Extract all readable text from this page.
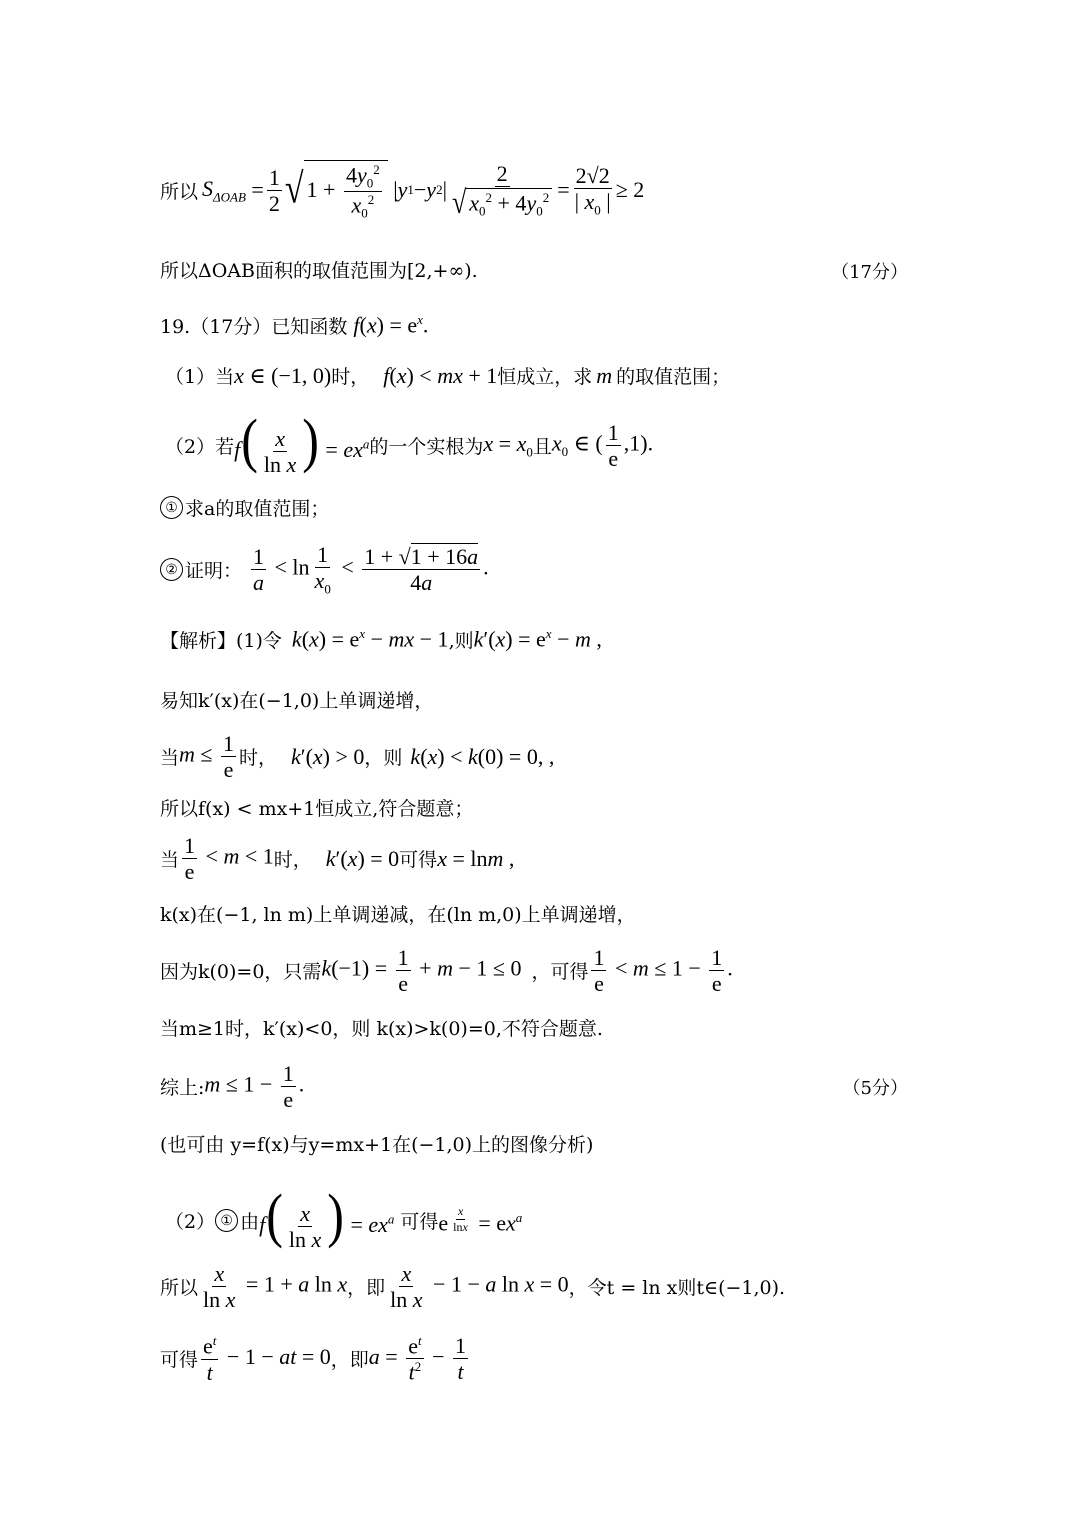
所以 $S_{\Delta OAB} = \frac{1}{2}$ √ $1 + \frac{4y_0^2}{x_0^2}$ | y 1 − y 2 | $\frac{2}{√ x_0^2 + 4y_0^2} = \frac{2√2}{| x_0 |} \ge 2$
所以ΔOAB面积的取值范围为[2,+∞).	（17分）
19.（17分）已知函数 $f(x) = e^x$.
（1）当 x ∈ (−1, 0) 时， f(x) < mx + 1 恒成立，求 m 的取值范围；
（2）若 $f( \frac{x}{\text{ln x}}$ ) = $ex^a$ 的一个实根为 $x = x_0$ 且 $x_0$ ∈ ( $\frac{1}{e} ,1$).
① 求a的取值范围；
② 证明： $\frac{1}{a} < \ln \frac{1}{x_0} < \frac{1 + √1 + 16a}{4a}$ .
【解析】(1)令 $k(x) = e^x$ − mx − 1 ,则 $k'(x) = e^x - m$ ,
易知k′(x)在(−1,0)上单调递增，
当 $m \le \frac{1}{e}$ 时， k′(x) > 0 ，则 k(x) < k(0) = 0, ,
所以f(x) < mx+1恒成立,符合题意；
当 $\frac{1}{e} < m < 1$ 时， k′(x) = 0 可得 x = lnm ,
k(x)在(−1, ln m)上单调递减，在(ln m,0)上单调递增，
因为k(0)=0，只需 $k(-1) = \frac{1}{e} + m - 1 \le 0$ ，可得 $\frac{1}{e} < m \le 1 - \frac{1}{e}$ .
当m≥1时，k′(x)<0，则 k(x)>k(0)=0,不符合题意.
综上: $m \le 1 - \frac{1}{e}$ .	（5分）
(也可由 y=f(x)与y=mx+1在(−1,0)上的图像分析)
（2） ① 由 $f( \frac{x}{\text{ln x}}$ ) = $ex^a$ 可得 e $^{\frac{x}{\ln x}} = ex^a$
所以 $\frac{x}{\text{ln x}} = 1 + a$ ln x ，即 $\frac{x}{\text{ln x}} - 1 - a$ ln x = 0 ，令t = ln x则t∈(−1,0).
可得 $\frac{e^t}{t} - 1$ − at = 0 ，即 $a = \frac{e^t}{t^2} - \frac{1}{t}$
